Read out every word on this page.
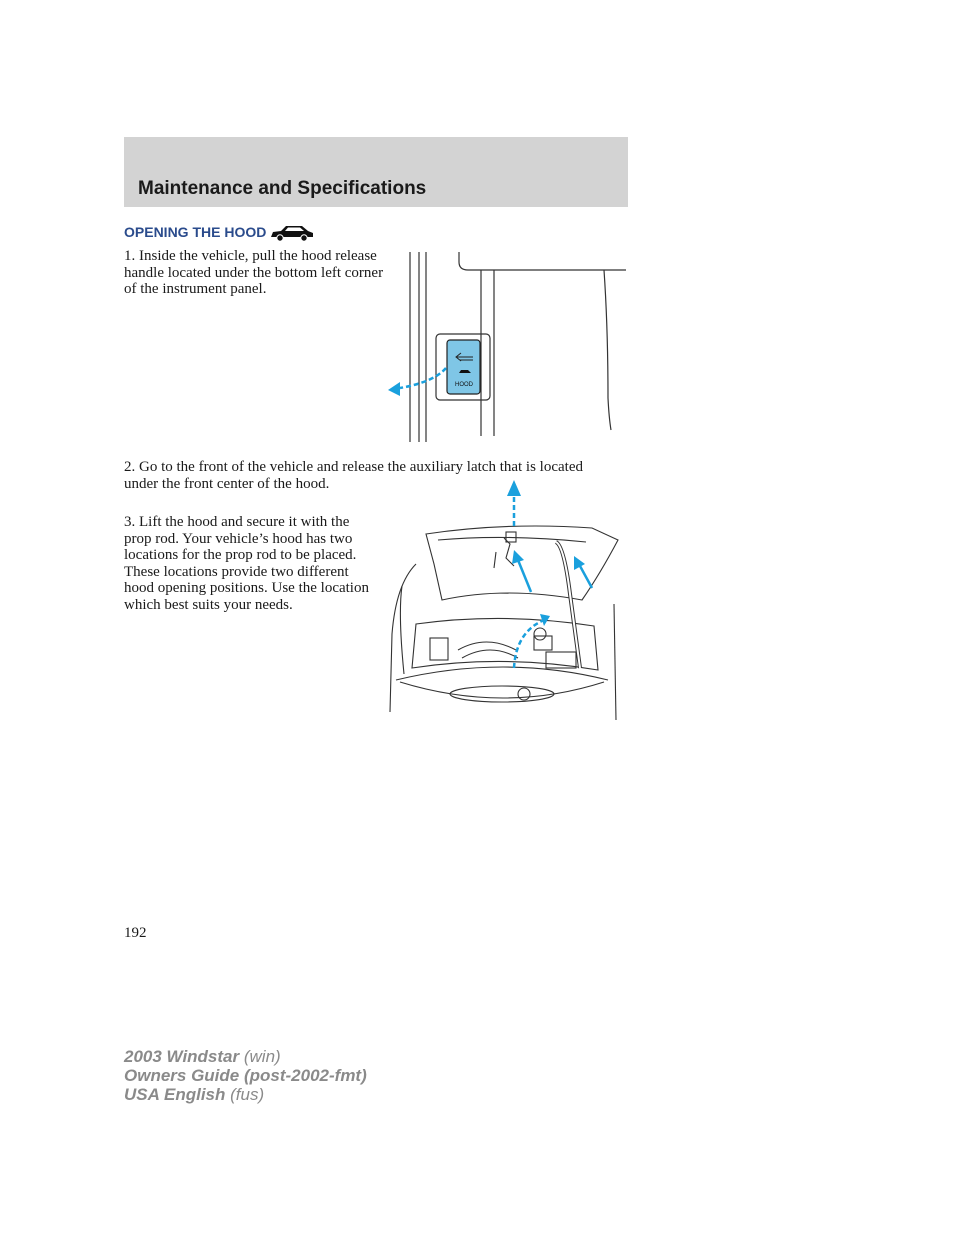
Maintenance and Specifications
OPENING THE HOOD

1. Inside the vehicle, pull the hood release handle located under the bottom left corner of the instrument panel.

HOOD

2. Go to the front of the vehicle and release the auxiliary latch that is located under the front center of the hood.

3. Lift the hood and secure it with the prop rod. Your vehicle’s hood has two locations for the prop rod to be placed. These locations provide two different hood opening positions. Use the location which best suits your needs.

192

2003 Windstar (win)
Owners Guide (post-2002-fmt)
USA English (fus)
